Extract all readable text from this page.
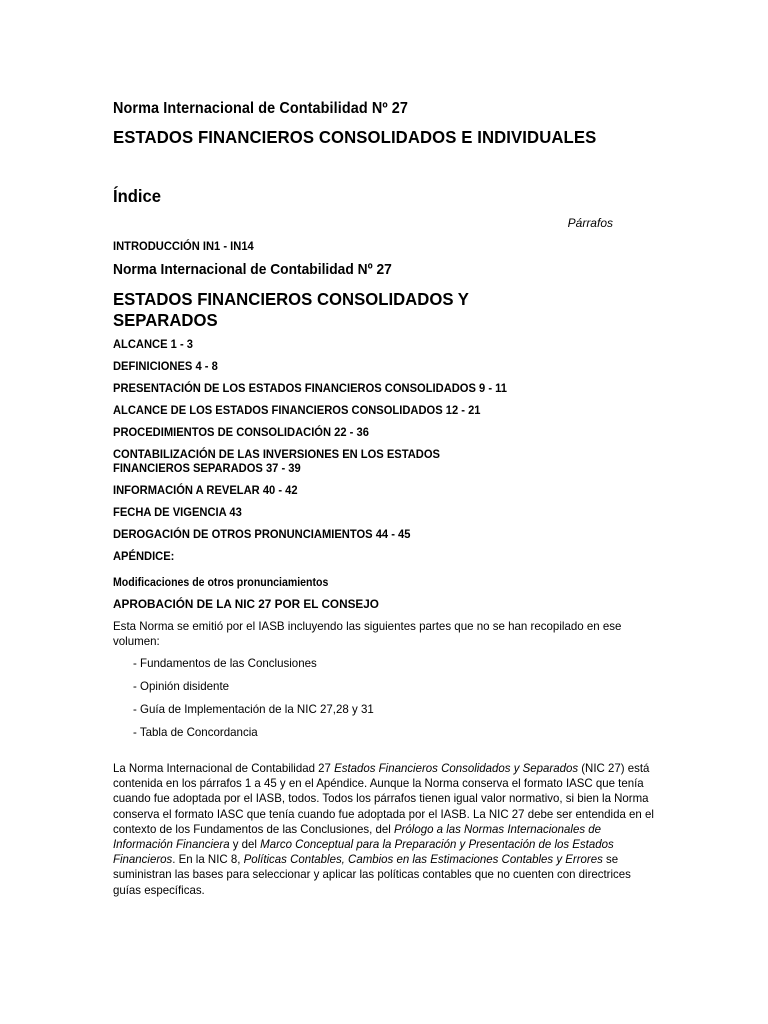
Norma Internacional de Contabilidad Nº 27
ESTADOS FINANCIEROS CONSOLIDADOS E INDIVIDUALES
Índice
Párrafos
INTRODUCCIÓN IN1 - IN14
Norma Internacional de Contabilidad Nº 27
ESTADOS FINANCIEROS CONSOLIDADOS Y SEPARADOS
ALCANCE 1 - 3
DEFINICIONES 4 - 8
PRESENTACIÓN DE LOS ESTADOS FINANCIEROS CONSOLIDADOS 9 - 11
ALCANCE DE LOS ESTADOS FINANCIEROS CONSOLIDADOS 12 - 21
PROCEDIMIENTOS DE CONSOLIDACIÓN 22 - 36
CONTABILIZACIÓN DE LAS INVERSIONES EN LOS ESTADOS FINANCIEROS SEPARADOS 37 - 39
INFORMACIÓN A REVELAR 40 - 42
FECHA DE VIGENCIA 43
DEROGACIÓN DE OTROS PRONUNCIAMIENTOS 44 - 45
APÉNDICE:
Modificaciones de otros pronunciamientos
APROBACIÓN DE LA NIC 27 POR EL CONSEJO
Esta Norma se emitió por el IASB incluyendo las siguientes partes que no se han recopilado en ese volumen:
- Fundamentos de las Conclusiones
- Opinión disidente
- Guía de Implementación de la NIC 27,28 y 31
- Tabla de Concordancia
La Norma Internacional de Contabilidad 27 Estados Financieros Consolidados y Separados (NIC 27) está contenida en los párrafos 1 a 45 y en el Apéndice. Aunque la Norma conserva el formato IASC que tenía cuando fue adoptada por el IASB, todos. Todos los párrafos tienen igual valor normativo, si bien la Norma conserva el formato IASC que tenía cuando fue adoptada por el IASB. La NIC 27 debe ser entendida en el contexto de los Fundamentos de las Conclusiones, del Prólogo a las Normas Internacionales de Información Financiera y del Marco Conceptual para la Preparación y Presentación de los Estados Financieros. En la NIC 8, Políticas Contables, Cambios en las Estimaciones Contables y Errores se suministran las bases para seleccionar y aplicar las políticas contables que no cuenten con directrices guías específicas.
